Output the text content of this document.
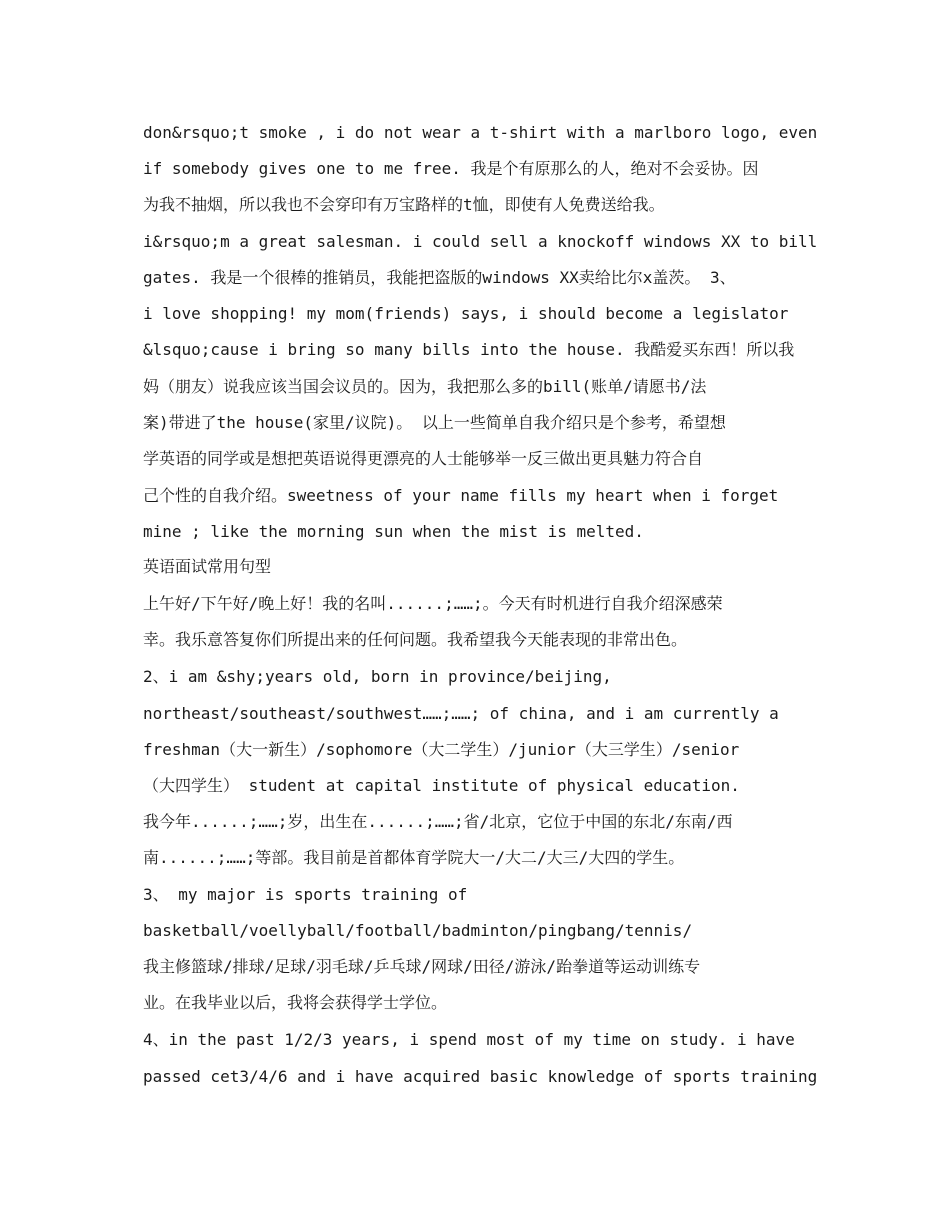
don&rsquo;t smoke , i do not wear a t-shirt with a marlboro logo, even
if somebody gives one to me free. 我是个有原那么的人，绝对不会妥协。因
为我不抽烟，所以我也不会穿印有万宝路样的t恤，即使有人免费送给我。
i&rsquo;m a great salesman. i could sell a knockoff windows XX to bill
gates. 我是一个很棒的推销员，我能把盗版的windows XX卖给比尔x盖茨。 3、
i love shopping! my mom(friends) says, i should become a legislator
&lsquo;cause i bring so many bills into the house. 我酷爱买东西！所以我
妈（朋友）说我应该当国会议员的。因为，我把那么多的bill(账单/请愿书/法
案)带进了the house(家里/议院)。 以上一些简单自我介绍只是个参考，希望想
学英语的同学或是想把英语说得更漂亮的人士能够举一反三做出更具魅力符合自
己个性的自我介绍。sweetness of your name fills my heart when i forget
mine ; like the morning sun when the mist is melted.
英语面试常用句型
上午好/下午好/晚上好！我的名叫......;……;。今天有时机进行自我介绍深感荣
幸。我乐意答复你们所提出来的任何问题。我希望我今天能表现的非常出色。
2、i am &shy;years old, born in province/beijing,
northeast/southeast/southwest……;……; of china, and i am currently a
freshman（大一新生）/sophomore（大二学生）/junior（大三学生）/senior
（大四学生） student at capital institute of physical education.
我今年......;……;岁，出生在......;……;省/北京，它位于中国的东北/东南/西
南......;……;等部。我目前是首都体育学院大一/大二/大三/大四的学生。
3、 my major is sports training of
basketball/voellyball/football/badminton/pingbang/tennis/
我主修篮球/排球/足球/羽毛球/乒乓球/网球/田径/游泳/跆拳道等运动训练专
业。在我毕业以后，我将会获得学士学位。
4、in the past 1/2/3 years, i spend most of my time on study. i have
passed cet3/4/6 and i have acquired basic knowledge of sports training
